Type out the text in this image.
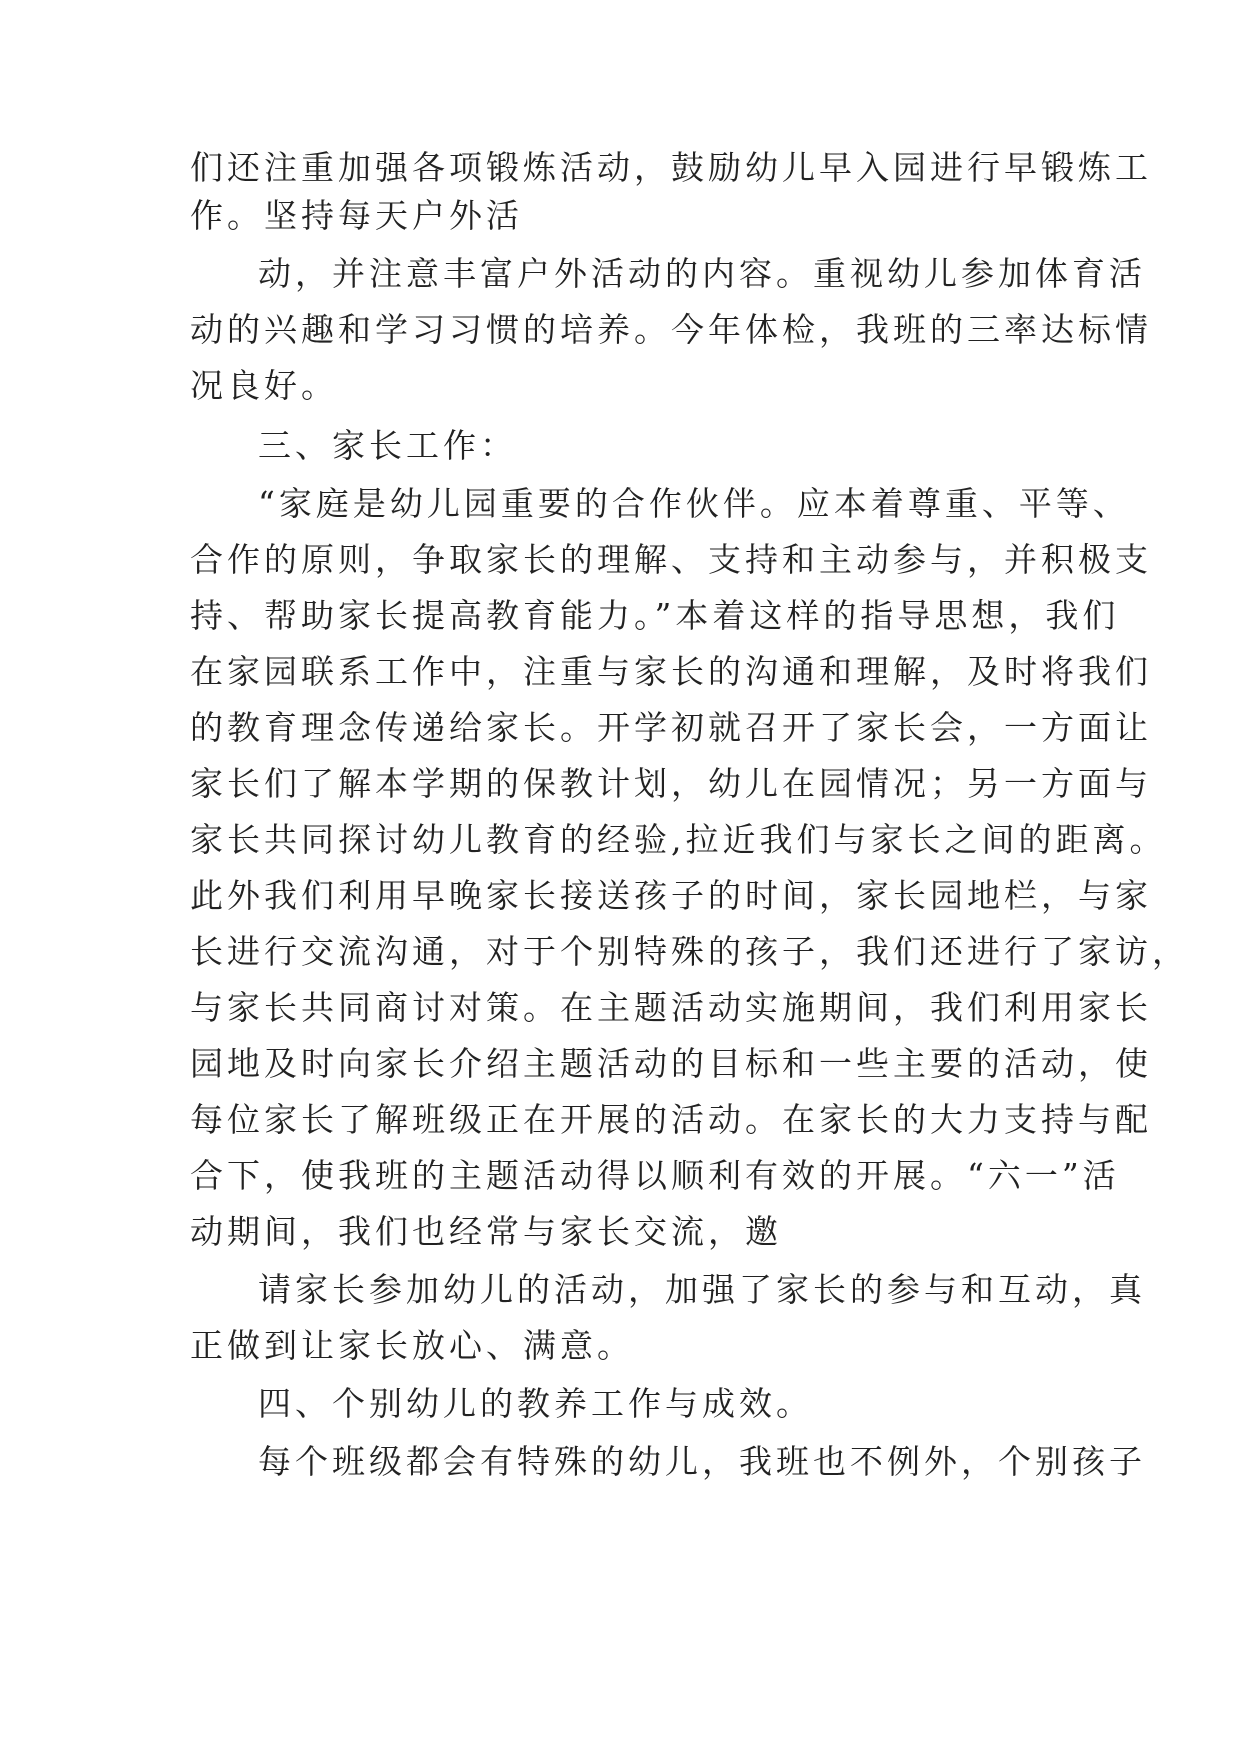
们还注重加强各项锻炼活动，鼓励幼儿早入园进行早锻炼工
作。坚持每天户外活
动，并注意丰富户外活动的内容。重视幼儿参加体育活
动的兴趣和学习习惯的培养。今年体检，我班的三率达标情
况良好。
三、家长工作：
“家庭是幼儿园重要的合作伙伴。应本着尊重、平等、
合作的原则，争取家长的理解、支持和主动参与，并积极支
持、帮助家长提高教育能力。”本着这样的指导思想，我们
在家园联系工作中，注重与家长的沟通和理解，及时将我们
的教育理念传递给家长。开学初就召开了家长会，一方面让
家长们了解本学期的保教计划，幼儿在园情况；另一方面与
家长共同探讨幼儿教育的经验,拉近我们与家长之间的距离。
此外我们利用早晚家长接送孩子的时间，家长园地栏，与家
长进行交流沟通，对于个别特殊的孩子，我们还进行了家访，
与家长共同商讨对策。在主题活动实施期间，我们利用家长
园地及时向家长介绍主题活动的目标和一些主要的活动，使
每位家长了解班级正在开展的活动。在家长的大力支持与配
合下，使我班的主题活动得以顺利有效的开展。“六一”活
动期间，我们也经常与家长交流，邀
请家长参加幼儿的活动，加强了家长的参与和互动，真
正做到让家长放心、满意。
四、个别幼儿的教养工作与成效。
每个班级都会有特殊的幼儿，我班也不例外，个别孩子
